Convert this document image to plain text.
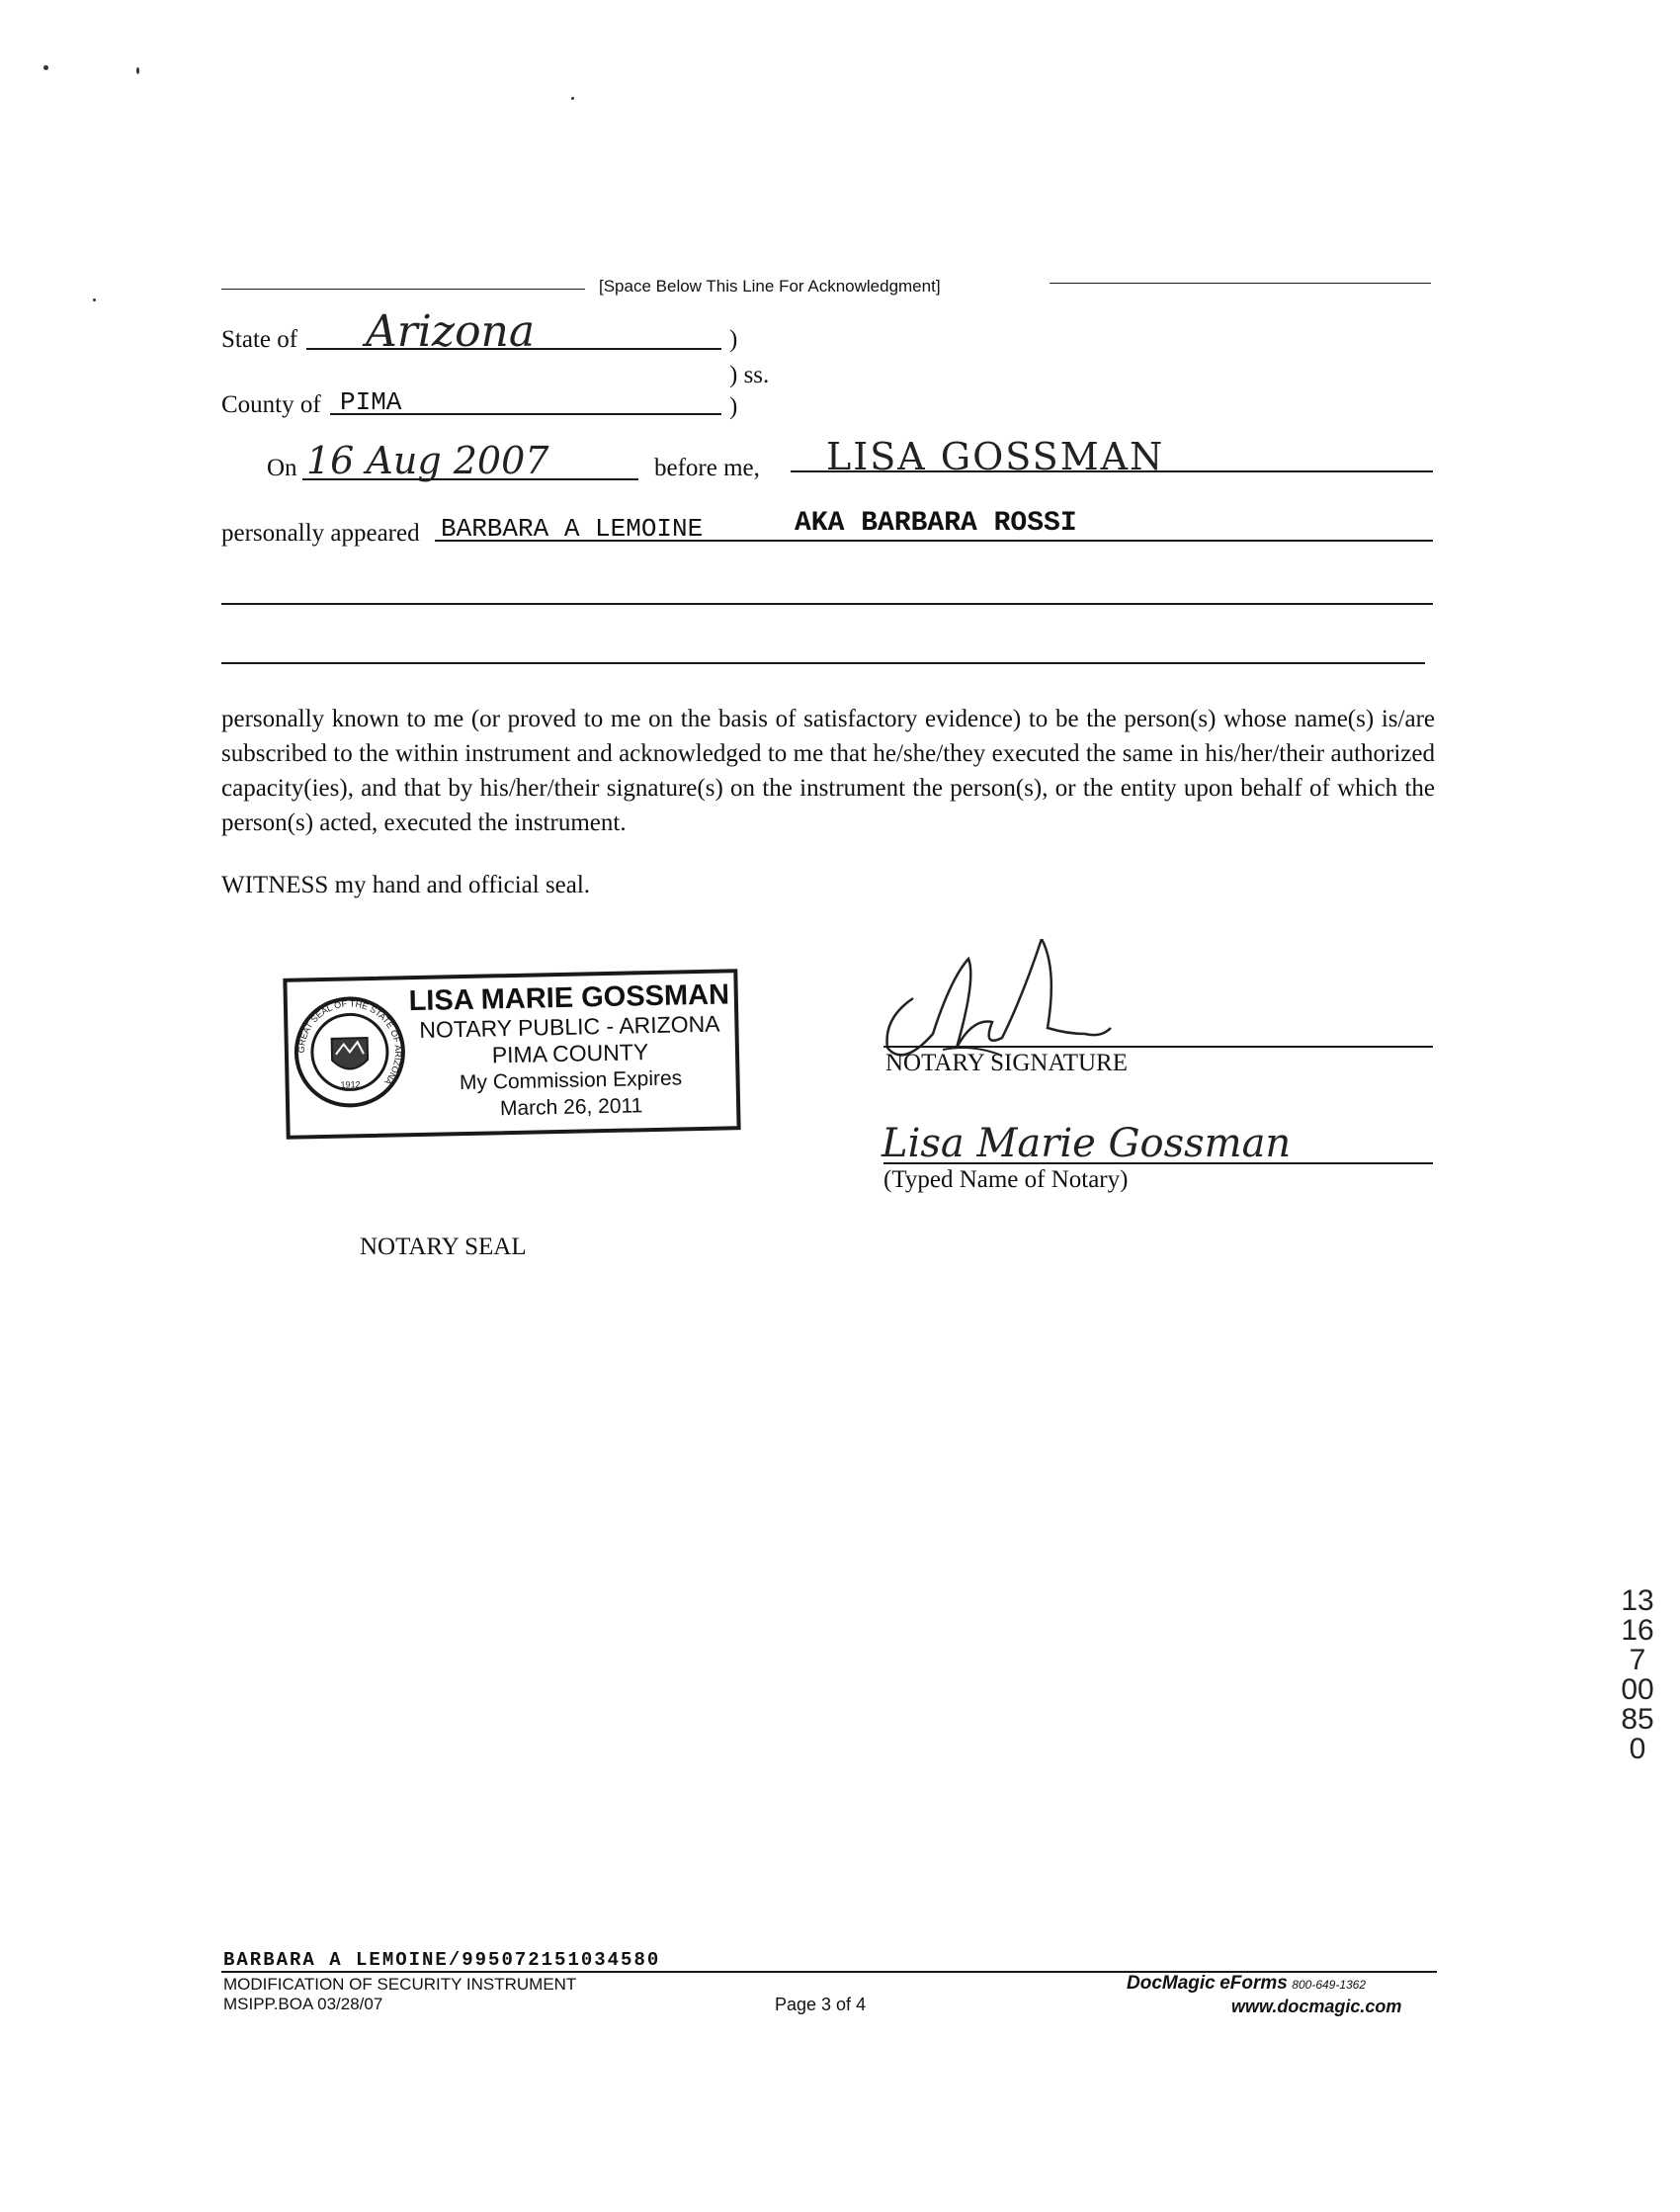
[Space Below This Line For Acknowledgment]
State of Arizona	)
) ss.
County of PIMA	)
On 16 Aug 2007	before me, LISA GOSSMAN
personally appeared BARBARA A LEMOINE	AKA BARBARA ROSSI
personally known to me (or proved to me on the basis of satisfactory evidence) to be the person(s) whose name(s) is/are subscribed to the within instrument and acknowledged to me that he/she/they executed the same in his/her/their authorized capacity(ies), and that by his/her/their signature(s) on the instrument the person(s), or the entity upon behalf of which the person(s) acted, executed the instrument.
WITNESS my hand and official seal.
GREAT SEAL OF THE STATE OF ARIZONA
1912
LISA MARIE GOSSMAN
NOTARY PUBLIC - ARIZONA
PIMA COUNTY
My Commission Expires
March 26, 2011
NOTARY SIGNATURE
Lisa Marie Gossman
(Typed Name of Notary)
NOTARY SEAL
13167 00850
BARBARA A LEMOINE/995072151034580
MODIFICATION OF SECURITY INSTRUMENT
MSIPP.BOA 03/28/07	Page 3 of 4
DocMagic eForms 800-649-1362
www.docmagic.com
